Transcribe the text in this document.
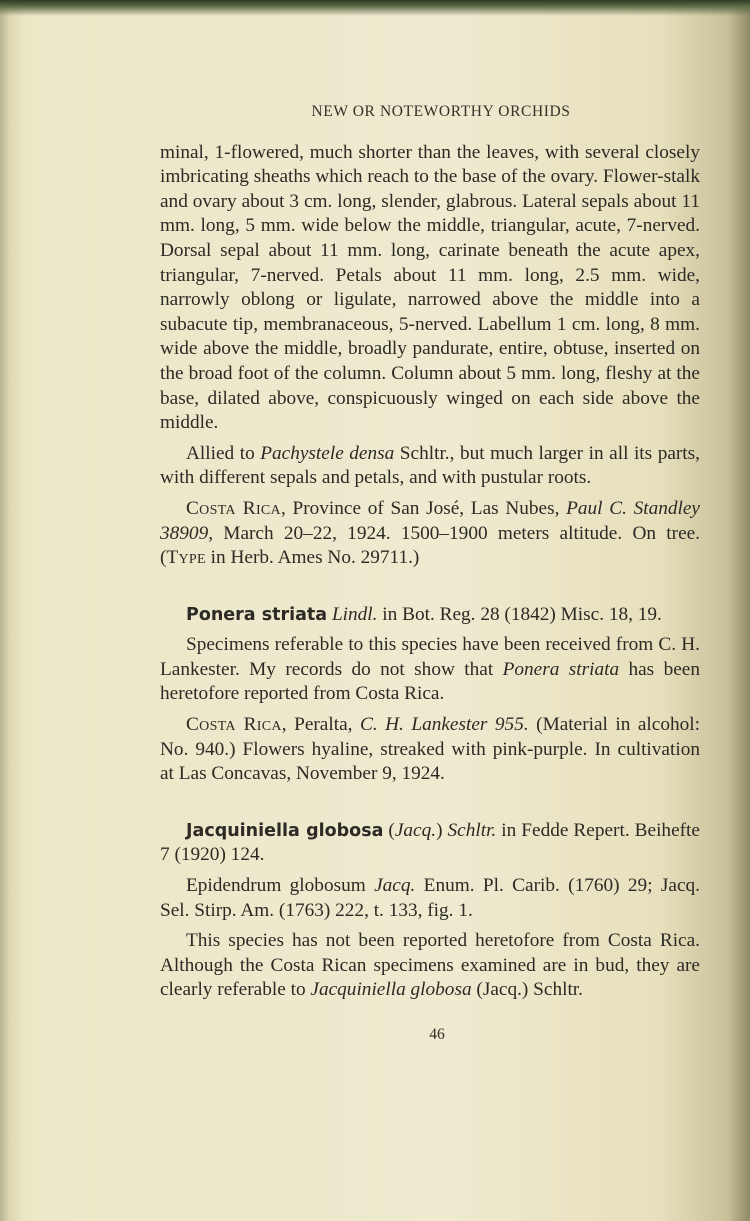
NEW OR NOTEWORTHY ORCHIDS

minal, 1-flowered, much shorter than the leaves, with several closely imbricating sheaths which reach to the base of the ovary. Flower-stalk and ovary about 3 cm. long, slender, glabrous. Lateral sepals about 11 mm. long, 5 mm. wide below the middle, triangular, acute, 7-nerved. Dorsal sepal about 11 mm. long, carinate beneath the acute apex, triangular, 7-nerved. Petals about 11 mm. long, 2.5 mm. wide, narrowly oblong or ligulate, narrowed above the middle into a subacute tip, membranaceous, 5-nerved. Labellum 1 cm. long, 8 mm. wide above the middle, broadly pandurate, entire, obtuse, inserted on the broad foot of the column. Column about 5 mm. long, fleshy at the base, dilated above, conspicuously winged on each side above the middle.

Allied to Pachystele densa Schltr., but much larger in all its parts, with different sepals and petals, and with pustular roots.

Costa Rica, Province of San José, Las Nubes, Paul C. Standley 38909, March 20–22, 1924. 1500–1900 meters altitude. On tree. (Type in Herb. Ames No. 29711.)

Ponera striata Lindl. in Bot. Reg. 28 (1842) Misc. 18, 19.

Specimens referable to this species have been received from C. H. Lankester. My records do not show that Ponera striata has been heretofore reported from Costa Rica.

Costa Rica, Peralta, C. H. Lankester 955. (Material in alcohol: No. 940.) Flowers hyaline, streaked with pink-purple. In cultivation at Las Concavas, November 9, 1924.

Jacquiniella globosa (Jacq.) Schltr. in Fedde Repert. Beihefte 7 (1920) 124.

Epidendrum globosum Jacq. Enum. Pl. Carib. (1760) 29; Jacq. Sel. Stirp. Am. (1763) 222, t. 133, fig. 1.

This species has not been reported heretofore from Costa Rica. Although the Costa Rican specimens examined are in bud, they are clearly referable to Jacquiniella globosa (Jacq.) Schltr.

46
